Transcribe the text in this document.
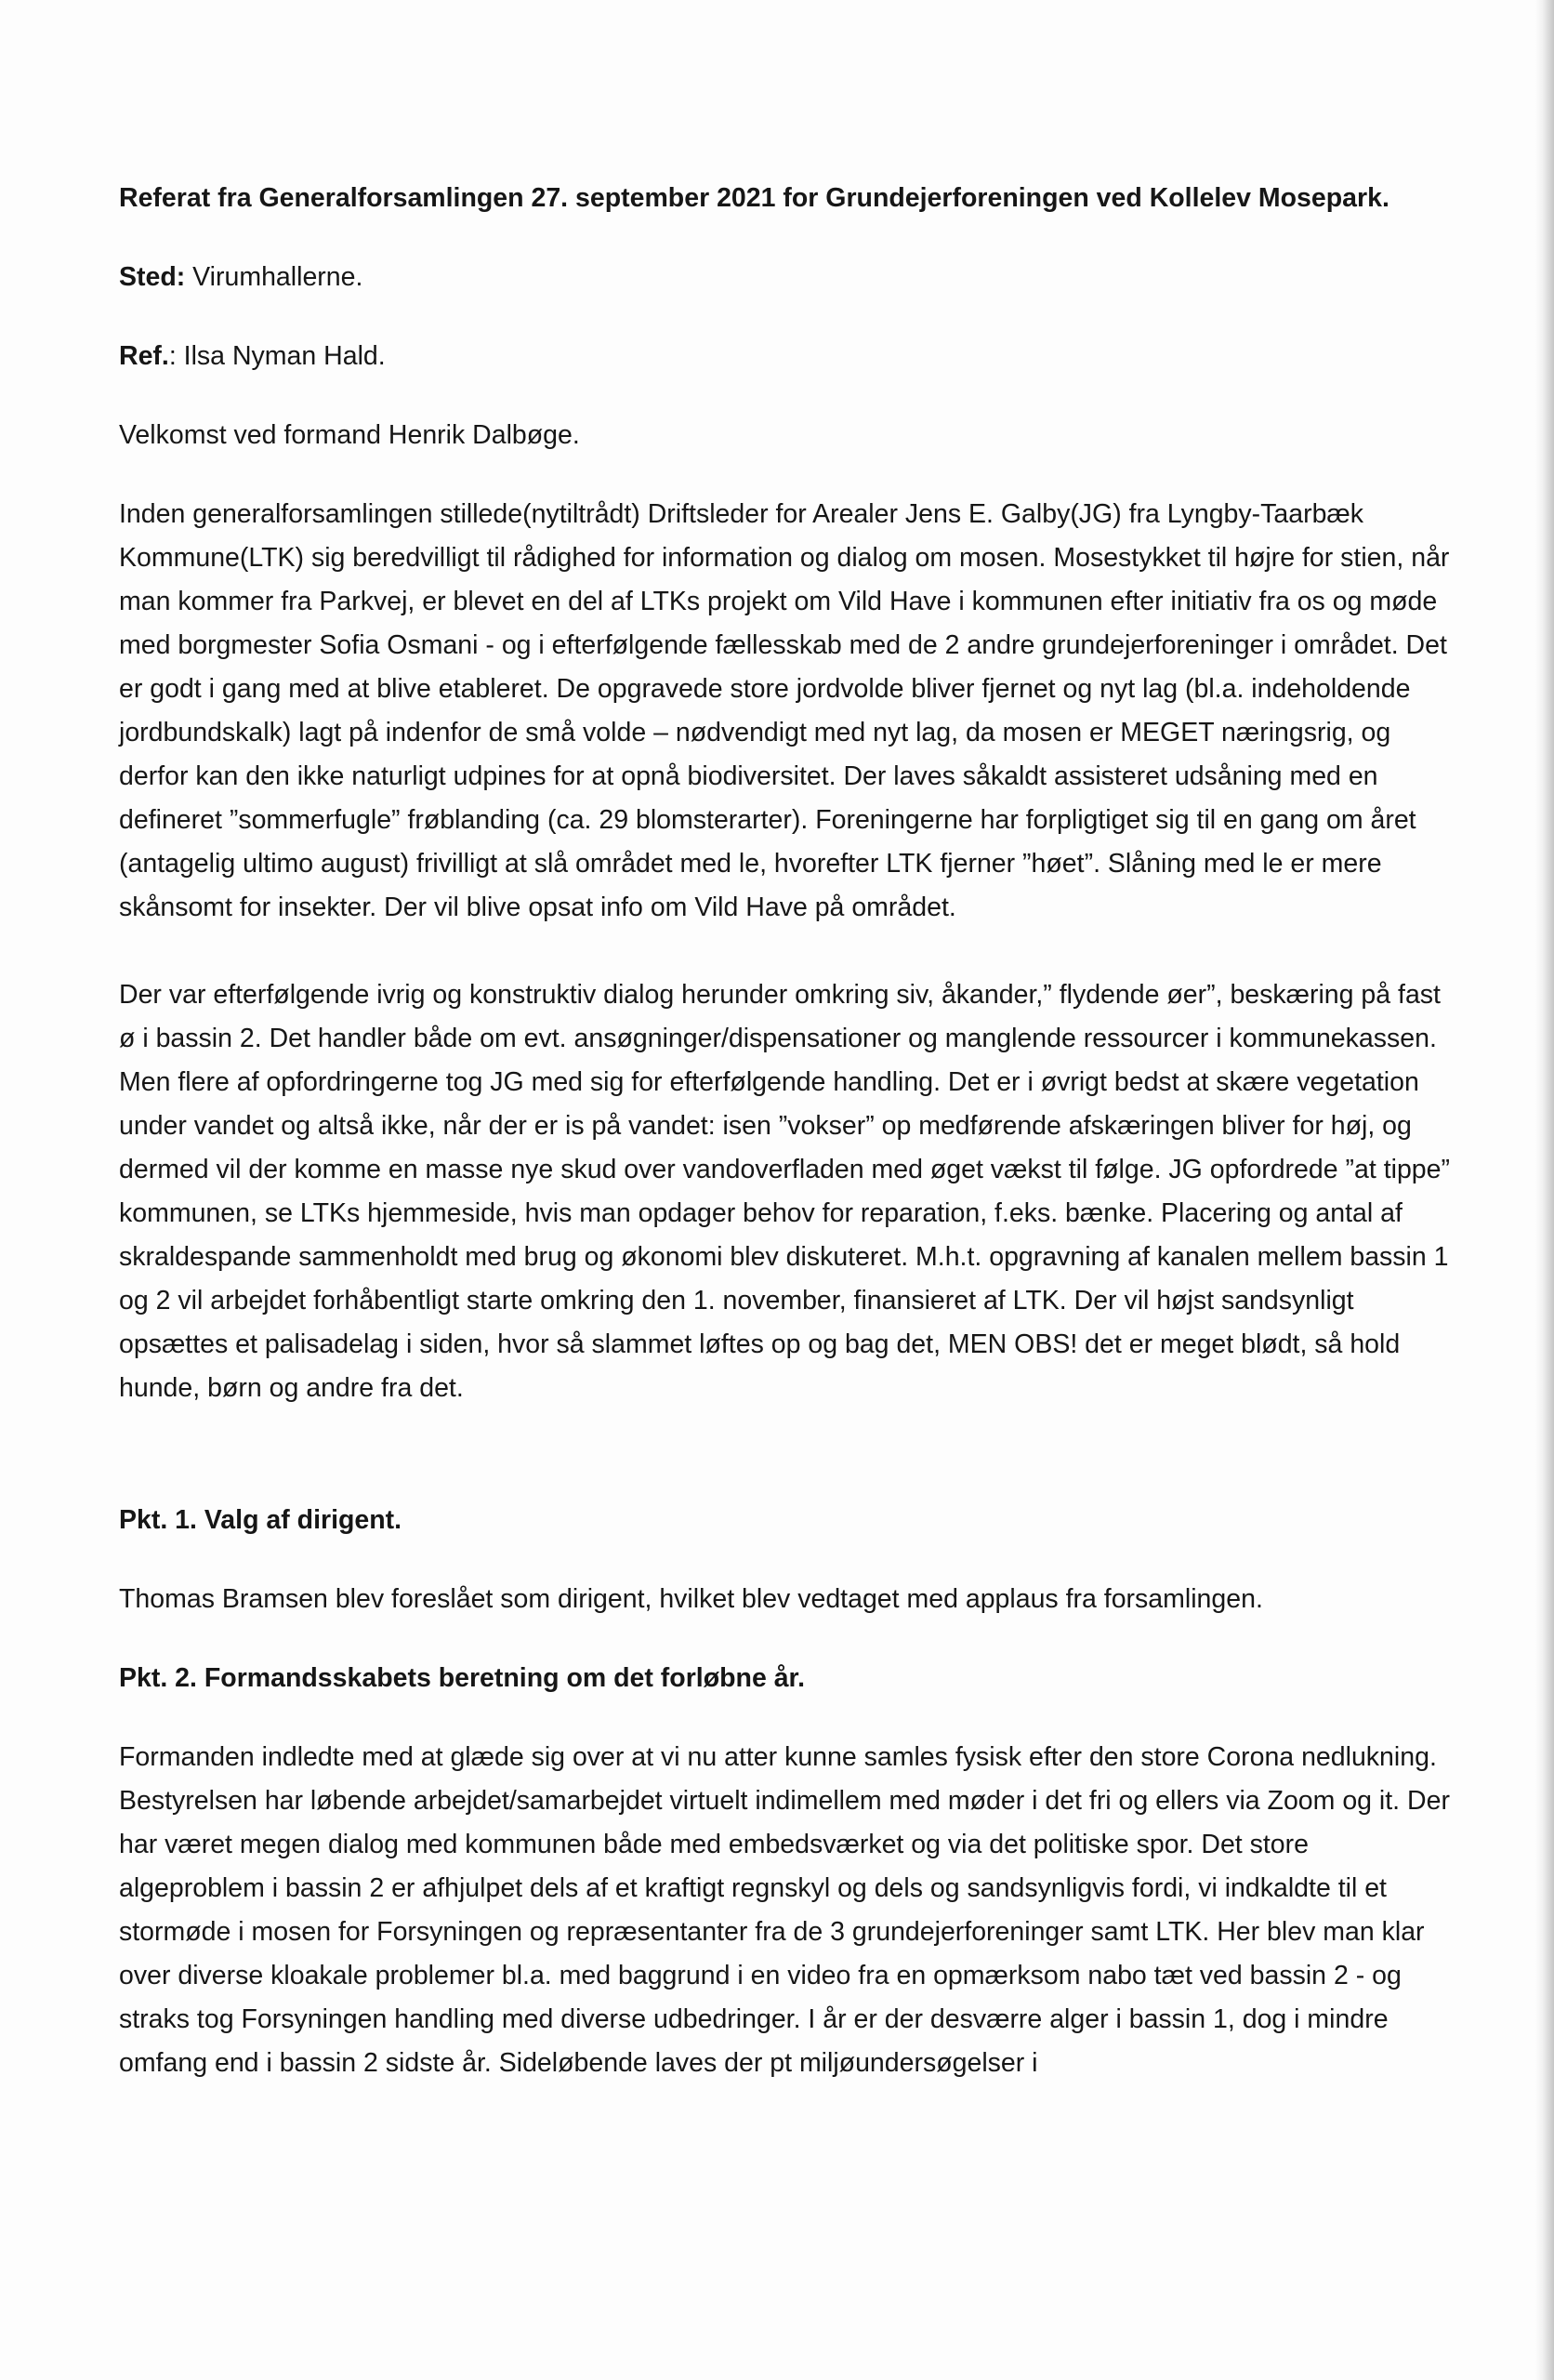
Referat fra Generalforsamlingen 27. september 2021 for Grundejerforeningen ved Kollelev Mosepark.

Sted: Virumhallerne.

Ref.: Ilsa Nyman Hald.

Velkomst ved formand Henrik Dalbøge.

Inden generalforsamlingen stillede(nytiltrådt) Driftsleder for Arealer Jens E. Galby(JG) fra Lyngby-Taarbæk Kommune(LTK) sig beredvilligt til rådighed for information og dialog om mosen. Mosestykket til højre for stien, når man kommer fra Parkvej, er blevet en del af LTKs projekt om Vild Have i kommunen efter initiativ fra os og møde med borgmester Sofia Osmani - og i efterfølgende fællesskab med de 2 andre grundejerforeninger i området. Det er godt i gang med at blive etableret. De opgravede store jordvolde bliver fjernet og nyt lag (bl.a. indeholdende jordbundskalk) lagt på indenfor de små volde – nødvendigt med nyt lag, da mosen er MEGET næringsrig, og derfor kan den ikke naturligt udpines for at opnå biodiversitet. Der laves såkaldt assisteret udsåning med en defineret ”sommerfugle” frøblanding (ca. 29 blomsterarter). Foreningerne har forpligtiget sig til en gang om året (antagelig ultimo august) frivilligt at slå området med le, hvorefter LTK fjerner ”høet”. Slåning med le er mere skånsomt for insekter. Der vil blive opsat info om Vild Have på området.

Der var efterfølgende ivrig og konstruktiv dialog herunder omkring siv, åkander,” flydende øer”, beskæring på fast ø i bassin 2. Det handler både om evt. ansøgninger/dispensationer og manglende ressourcer i kommunekassen. Men flere af opfordringerne tog JG med sig for efterfølgende handling. Det er i øvrigt bedst at skære vegetation under vandet og altså ikke, når der er is på vandet: isen ”vokser” op medførende afskæringen bliver for høj, og dermed vil der komme en masse nye skud over vandoverfladen med øget vækst til følge. JG opfordrede ”at tippe” kommunen, se LTKs hjemmeside, hvis man opdager behov for reparation, f.eks. bænke. Placering og antal af skraldespande sammenholdt med brug og økonomi blev diskuteret. M.h.t. opgravning af kanalen mellem bassin 1 og 2 vil arbejdet forhåbentligt starte omkring den 1. november, finansieret af LTK. Der vil højst sandsynligt opsættes et palisadelag i siden, hvor så slammet løftes op og bag det, MEN OBS! det er meget blødt, så hold hunde, børn og andre fra det.

Pkt. 1. Valg af dirigent.

Thomas Bramsen blev foreslået som dirigent, hvilket blev vedtaget med applaus fra forsamlingen.

Pkt. 2. Formandsskabets beretning om det forløbne år.

Formanden indledte med at glæde sig over at vi nu atter kunne samles fysisk efter den store Corona nedlukning. Bestyrelsen har løbende arbejdet/samarbejdet virtuelt indimellem med møder i det fri og ellers via Zoom og it. Der har været megen dialog med kommunen både med embedsværket og via det politiske spor. Det store algeproblem i bassin 2 er afhjulpet dels af et kraftigt regnskyl og dels og sandsynligvis fordi, vi indkaldte til et stormøde i mosen for Forsyningen og repræsentanter fra de 3 grundejerforeninger samt LTK. Her blev man klar over diverse kloakale problemer bl.a. med baggrund i en video fra en opmærksom nabo tæt ved bassin 2 - og straks tog Forsyningen handling med diverse udbedringer. I år er der desværre alger i bassin 1, dog i mindre omfang end i bassin 2 sidste år. Sideløbende laves der pt miljøundersøgelser i
